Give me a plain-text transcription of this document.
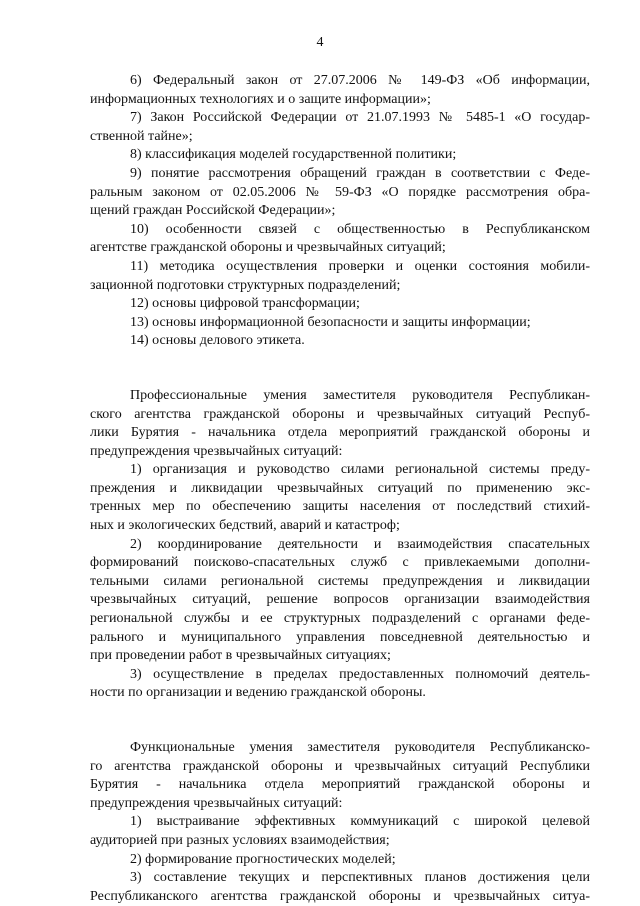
4
6) Федеральный закон от 27.07.2006 № 149-ФЗ «Об информации,
информационных технологиях и о защите информации»;
7) Закон Российской Федерации от 21.07.1993 № 5485-1 «О государ-
ственной тайне»;
8) классификация моделей государственной политики;
9) понятие рассмотрения обращений граждан в соответствии с Феде-
ральным законом от 02.05.2006 № 59-ФЗ «О порядке рассмотрения обра-
щений граждан Российской Федерации»;
10) особенности связей с общественностью в Республиканском
агентстве гражданской обороны и чрезвычайных ситуаций;
11) методика осуществления проверки и оценки состояния мобили-
зационной подготовки структурных подразделений;
12) основы цифровой трансформации;
13) основы информационной безопасности и защиты информации;
14) основы делового этикета.
Профессиональные умения заместителя руководителя Республикан-
ского агентства гражданской обороны и чрезвычайных ситуаций Респуб-
лики Бурятия - начальника отдела мероприятий гражданской обороны и
предупреждения чрезвычайных ситуаций:
1) организация и руководство силами региональной системы преду-
преждения и ликвидации чрезвычайных ситуаций по применению экс-
тренных мер по обеспечению защиты населения от последствий стихий-
ных и экологических бедствий, аварий и катастроф;
2) координирование деятельности и взаимодействия спасательных
формирований поисково-спасательных служб с привлекаемыми дополни-
тельными силами региональной системы предупреждения и ликвидации
чрезвычайных ситуаций, решение вопросов организации взаимодействия
региональной службы и ее структурных подразделений с органами феде-
рального и муниципального управления повседневной деятельностью и
при проведении работ в чрезвычайных ситуациях;
3) осуществление в пределах предоставленных полномочий деятель-
ности по организации и ведению гражданской обороны.
Функциональные умения заместителя руководителя Республиканско-
го агентства гражданской обороны и чрезвычайных ситуаций Республики
Бурятия - начальника отдела мероприятий гражданской обороны и
предупреждения чрезвычайных ситуаций:
1) выстраивание эффективных коммуникаций с широкой целевой
аудиторией при разных условиях взаимодействия;
2) формирование прогностических моделей;
3) составление текущих и перспективных планов достижения цели
Республиканского агентства гражданской обороны и чрезвычайных ситуа-
